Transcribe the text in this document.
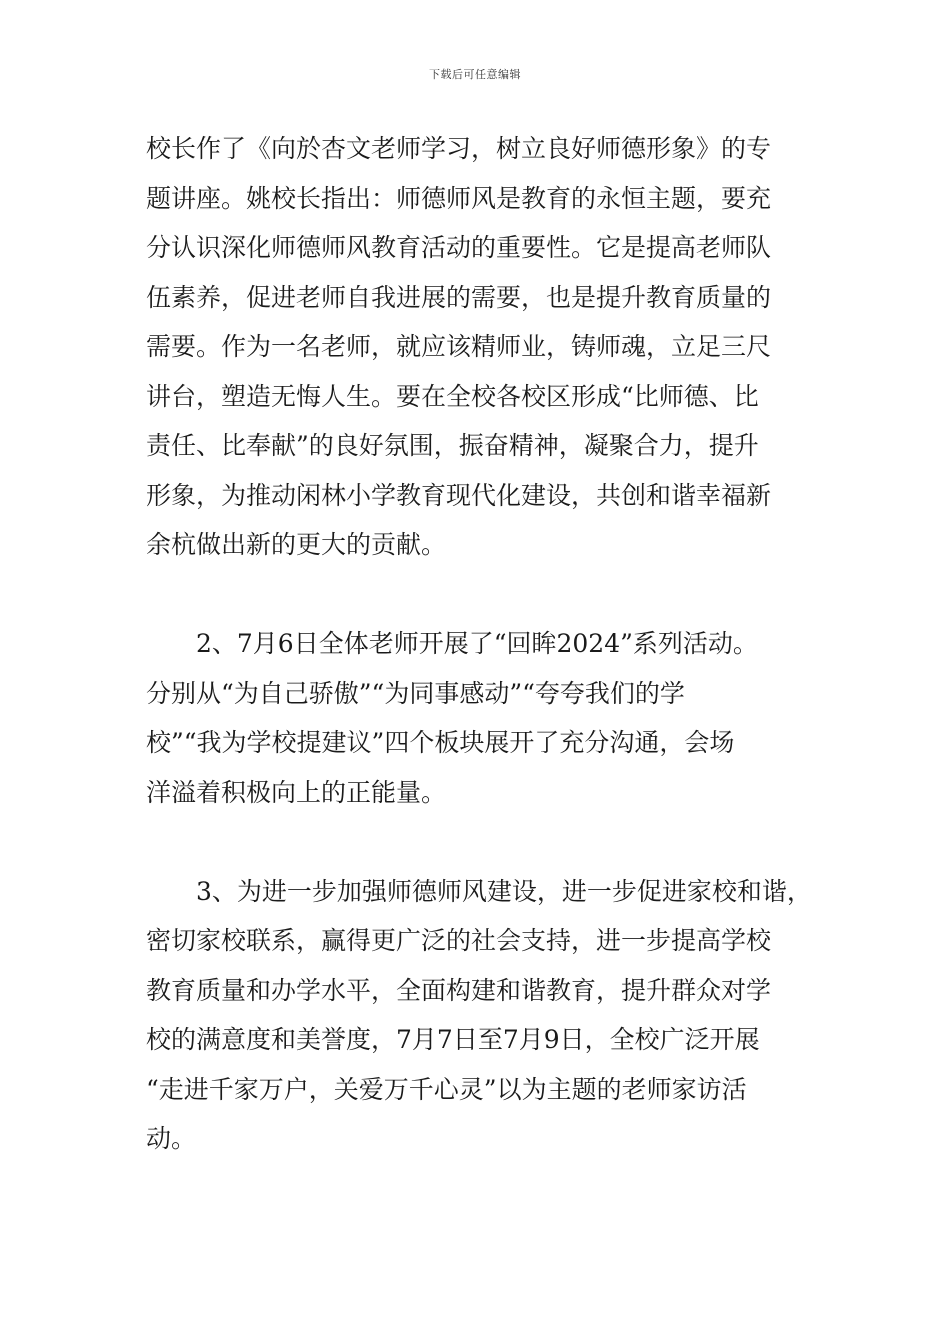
下载后可任意编辑
校长作了《向於杏文老师学习，树立良好师德形象》的专
题讲座。姚校长指出：师德师风是教育的永恒主题，要充
分认识深化师德师风教育活动的重要性。它是提高老师队
伍素养，促进老师自我进展的需要，也是提升教育质量的
需要。作为一名老师，就应该精师业，铸师魂，立足三尺
讲台，塑造无悔人生。要在全校各校区形成“比师德、比
责任、比奉献”的良好氛围，振奋精神，凝聚合力，提升
形象，为推动闲林小学教育现代化建设，共创和谐幸福新
余杭做出新的更大的贡献。
　　2、7月6日全体老师开展了“回眸2024”系列活动。
分别从“为自己骄傲”“为同事感动”“夸夸我们的学
校”“我为学校提建议”四个板块展开了充分沟通，会场
洋溢着积极向上的正能量。
　　3、为进一步加强师德师风建设，进一步促进家校和谐，
密切家校联系，赢得更广泛的社会支持，进一步提高学校
教育质量和办学水平，全面构建和谐教育，提升群众对学
校的满意度和美誉度，7月7日至7月9日，全校广泛开展
“走进千家万户，关爱万千心灵”以为主题的老师家访活
动。
